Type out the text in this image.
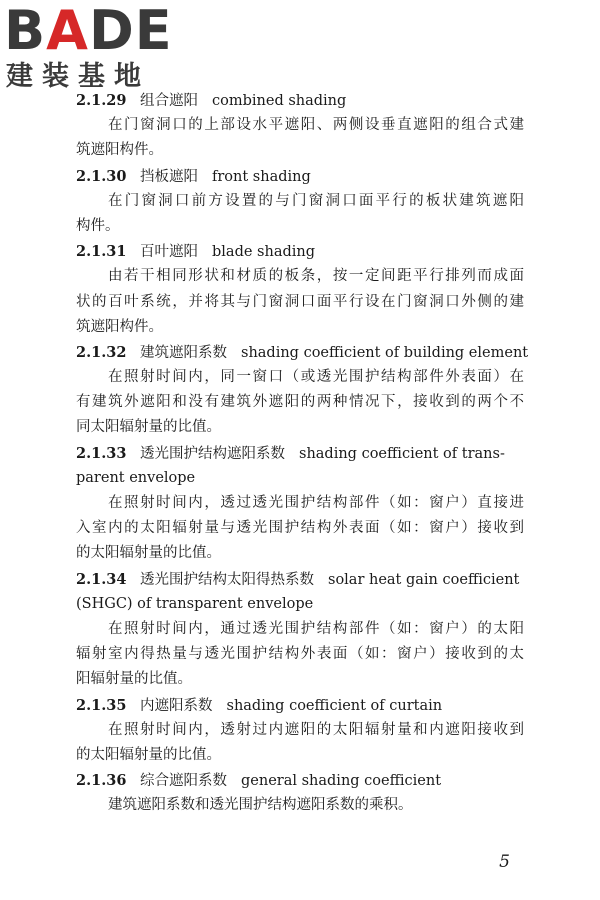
BADE
建装基地
2.1.29 组合遮阳 combined shading
在门窗洞口的上部设水平遮阳、两侧设垂直遮阳的组合式建
筑遮阳构件。
2.1.30 挡板遮阳 front shading
在门窗洞口前方设置的与门窗洞口面平行的板状建筑遮阳
构件。
2.1.31 百叶遮阳 blade shading
由若干相同形状和材质的板条，按一定间距平行排列而成面
状的百叶系统，并将其与门窗洞口面平行设在门窗洞口外侧的建
筑遮阳构件。
2.1.32 建筑遮阳系数 shading coefficient of building element
在照射时间内，同一窗口（或透光围护结构部件外表面）在
有建筑外遮阳和没有建筑外遮阳的两种情况下，接收到的两个不
同太阳辐射量的比值。
2.1.33 透光围护结构遮阳系数 shading coefficient of trans-
parent envelope
在照射时间内，透过透光围护结构部件（如：窗户）直接进
入室内的太阳辐射量与透光围护结构外表面（如：窗户）接收到
的太阳辐射量的比值。
2.1.34 透光围护结构太阳得热系数 solar heat gain coefficient
(SHGC) of transparent envelope
在照射时间内，通过透光围护结构部件（如：窗户）的太阳
辐射室内得热量与透光围护结构外表面（如：窗户）接收到的太
阳辐射量的比值。
2.1.35 内遮阳系数 shading coefficient of curtain
在照射时间内，透射过内遮阳的太阳辐射量和内遮阳接收到
的太阳辐射量的比值。
2.1.36 综合遮阳系数 general shading coefficient
建筑遮阳系数和透光围护结构遮阳系数的乘积。
5
